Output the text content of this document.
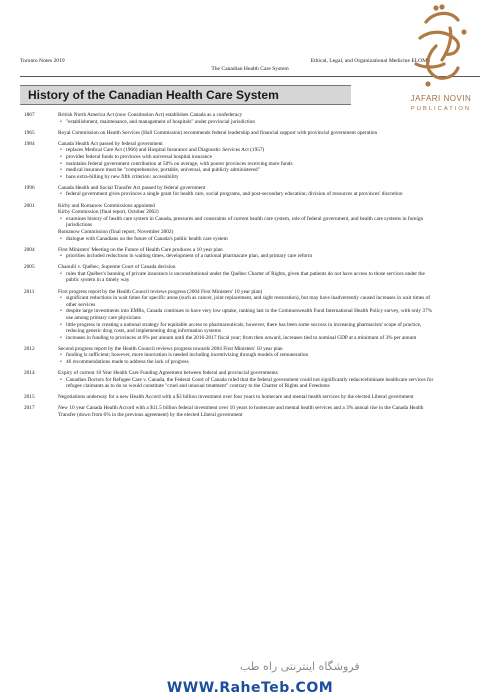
Toronto Notes 2019
The Canadian Health Care System
Ethical, Legal, and Organizational Medicine ELOM5
JAFARI NOVIN
PUBLICATION
History of the Canadian Health Care System
1867	British North America Act (now Constitution Act) establishes Canada as a confederacy

• "establishment, maintenance, and management of hospitals" under provincial jurisdiction
1965	Royal Commission on Health Services (Hall Commission) recommends federal leadership and financial support with provincial government operation

1984	Canada Health Act passed by federal government

• replaces Medical Care Act (1966) and Hospital Insurance and Diagnostic Services Act (1957)
• provides federal funds to provinces with universal hospital insurance
• maintains federal government contribution at 50% on average, with poorer provinces receiving more funds
• medical insurance must be "comprehensive, portable, universal, and publicly administered"
• bans extra-billing by new fifth criterion: accessibility
1996	Canada Health and Social Transfer Act passed by federal government

• federal government gives provinces a single grant for health care, social programs, and post-secondary education; division of resources at provinces' discretion
2001	Kirby and Romanow Commissions appointed

Kirby Commission (final report, October 2002)

• examines history of health care system in Canada, pressures and constraints of current health care system, role of federal government, and health care systems in foreign jurisdictions

Romanow Commission (final report, November 2002)

• dialogue with Canadians on the future of Canada's public health care system
2004	First Ministers' Meeting on the Future of Health Care produces a 10 year plan

• priorities included reductions in waiting times, development of a national pharmacare plan, and primary care reform
2005	Chaoulli v. Québec, Supreme Court of Canada decision

• rules that Québec's banning of private insurance is unconstitutional under the Québec Charter of Rights, given that patients do not have access to those services under the public system in a timely way
2011	First progress report by the Health Council reviews progress (2004 First Ministers' 10 year plan)

• significant reductions in wait times for specific areas (such as cancer, joint replacement, and sight restoration), but may have inadvertently caused increases in wait times of other services
• despite large investments into EMRs, Canada continues to have very low uptake, ranking last in the Commonwealth Fund International Health Policy survey, with only 37% use among primary care physicians
• little progress in creating a national strategy for equitable access to pharmaceuticals; however, there has been some success in increasing pharmacists' scope of practice, reducing generic drug costs, and implementing drug information systems
• increases in funding to provinces at 6% per annum until the 2016-2017 fiscal year; from then onward, increases tied to nominal GDP at a minimum of 3% per annum
2012	Second progress report by the Health Council reviews progress towards 2004 First Ministers' 10 year plan

• funding is sufficient; however, more innovation is needed including incentivizing through models of remuneration
• 46 recommendations made to address the lack of progress
2014	Expiry of current 10 Year Health Care Funding Agreement between federal and provincial governments

• Canadian Doctors for Refugee Care v. Canada, the Federal Court of Canada ruled that the federal government could not significantly reduce/eliminate healthcare services for refugee claimants as to do so would constitute "cruel and unusual treatment" contrary to the Charter of Rights and Freedoms
2015	Negotiations underway for a new Health Accord with a $3 billion investment over four years to homecare and mental health services by the elected Liberal government

2017	New 10 year Canada Health Accord with a $11.5 billion federal investment over 10 years to homecare and mental health services and a 3% annual rise in the Canada Health Transfer (down from 6% in the previous agreement) by the elected Liberal government

فروشگاه اینترنتی راه طب
WWW.RaheTeb.COM
